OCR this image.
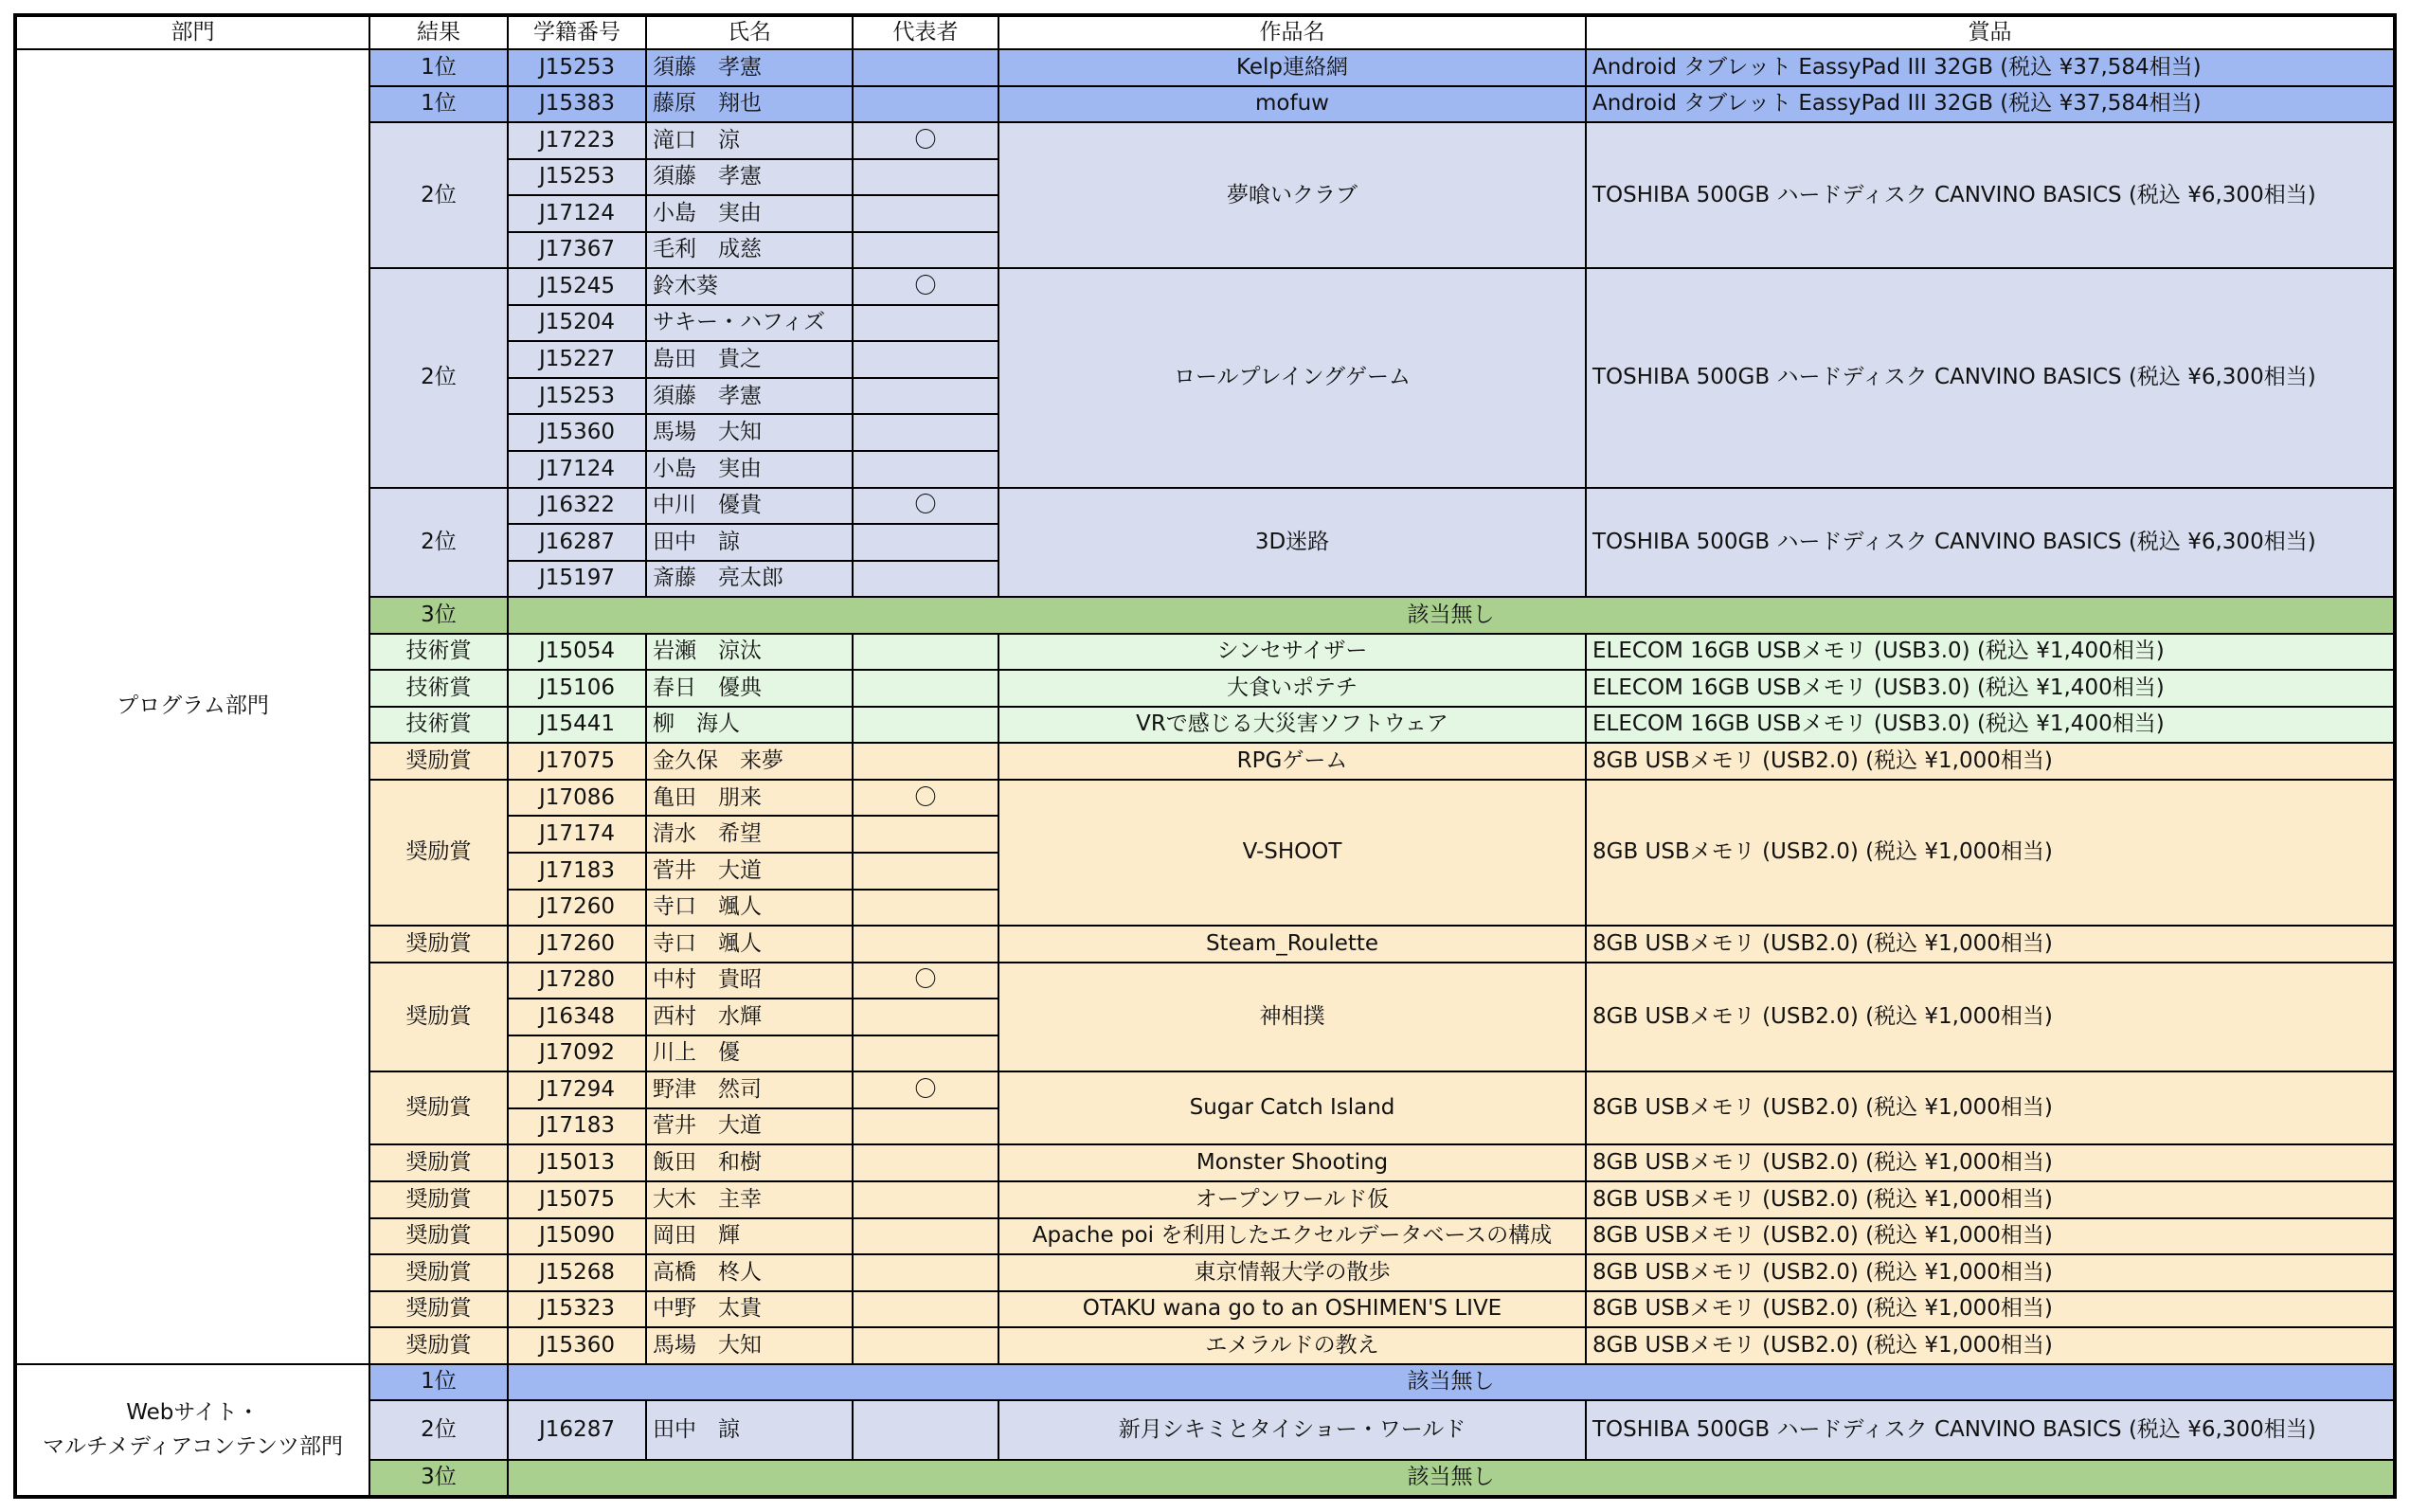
部門	結果	学籍番号	氏名	代表者	作品名	賞品
プログラム部門	1位	J15253	須藤　孝憲		Kelp連絡網	Android タブレット EassyPad III 32GB (税込 ¥37,584相当)
	1位	J15383	藤原　翔也		mofuw	Android タブレット EassyPad III 32GB (税込 ¥37,584相当)
	2位	J17223	滝口　涼	〇	夢喰いクラブ	TOSHIBA 500GB ハードディスク CANVINO BASICS (税込 ¥6,300相当)
		J15253	須藤　孝憲			
		J17124	小島　実由			
		J17367	毛利　成慈			
	2位	J15245	鈴木葵	〇	ロールプレイングゲーム	TOSHIBA 500GB ハードディスク CANVINO BASICS (税込 ¥6,300相当)
		J15204	サキー・ハフィズ			
		J15227	島田　貴之			
		J15253	須藤　孝憲			
		J15360	馬場　大知			
		J17124	小島　実由			
	2位	J16322	中川　優貴	〇	3D迷路	TOSHIBA 500GB ハードディスク CANVINO BASICS (税込 ¥6,300相当)
		J16287	田中　諒			
		J15197	斎藤　亮太郎			
	3位	該当無し				
	技術賞	J15054	岩瀬　涼汰		シンセサイザー	ELECOM 16GB USBメモリ (USB3.0) (税込 ¥1,400相当)
	技術賞	J15106	春日　優典		大食いポテチ	ELECOM 16GB USBメモリ (USB3.0) (税込 ¥1,400相当)
	技術賞	J15441	柳　海人		VRで感じる大災害ソフトウェア	ELECOM 16GB USBメモリ (USB3.0) (税込 ¥1,400相当)
	奨励賞	J17075	金久保　来夢		RPGゲーム	8GB USBメモリ (USB2.0) (税込 ¥1,000相当)
	奨励賞	J17086	亀田　朋来	〇	V-SHOOT	8GB USBメモリ (USB2.0) (税込 ¥1,000相当)
		J17174	清水　希望			
		J17183	菅井　大道			
		J17260	寺口　颯人			
	奨励賞	J17260	寺口　颯人		Steam_Roulette	8GB USBメモリ (USB2.0) (税込 ¥1,000相当)
	奨励賞	J17280	中村　貴昭	〇	神相撲	8GB USBメモリ (USB2.0) (税込 ¥1,000相当)
		J16348	西村　水輝			
		J17092	川上　優			
	奨励賞	J17294	野津　然司	〇	Sugar Catch Island	8GB USBメモリ (USB2.0) (税込 ¥1,000相当)
		J17183	菅井　大道			
	奨励賞	J15013	飯田　和樹		Monster Shooting	8GB USBメモリ (USB2.0) (税込 ¥1,000相当)
	奨励賞	J15075	大木　主幸		オープンワールド仮	8GB USBメモリ (USB2.0) (税込 ¥1,000相当)
	奨励賞	J15090	岡田　輝		Apache poi を利用したエクセルデータベースの構成	8GB USBメモリ (USB2.0) (税込 ¥1,000相当)
	奨励賞	J15268	高橋　柊人		東京情報大学の散歩	8GB USBメモリ (USB2.0) (税込 ¥1,000相当)
	奨励賞	J15323	中野　太貴		OTAKU wana go to an OSHIMEN'S LIVE	8GB USBメモリ (USB2.0) (税込 ¥1,000相当)
	奨励賞	J15360	馬場　大知		エメラルドの教え	8GB USBメモリ (USB2.0) (税込 ¥1,000相当)
Webサイト・
マルチメディアコンテンツ部門	1位	該当無し				
	2位	J16287	田中　諒		新月シキミとタイショー・ワールド	TOSHIBA 500GB ハードディスク CANVINO BASICS (税込 ¥6,300相当)
	3位	該当無し				
